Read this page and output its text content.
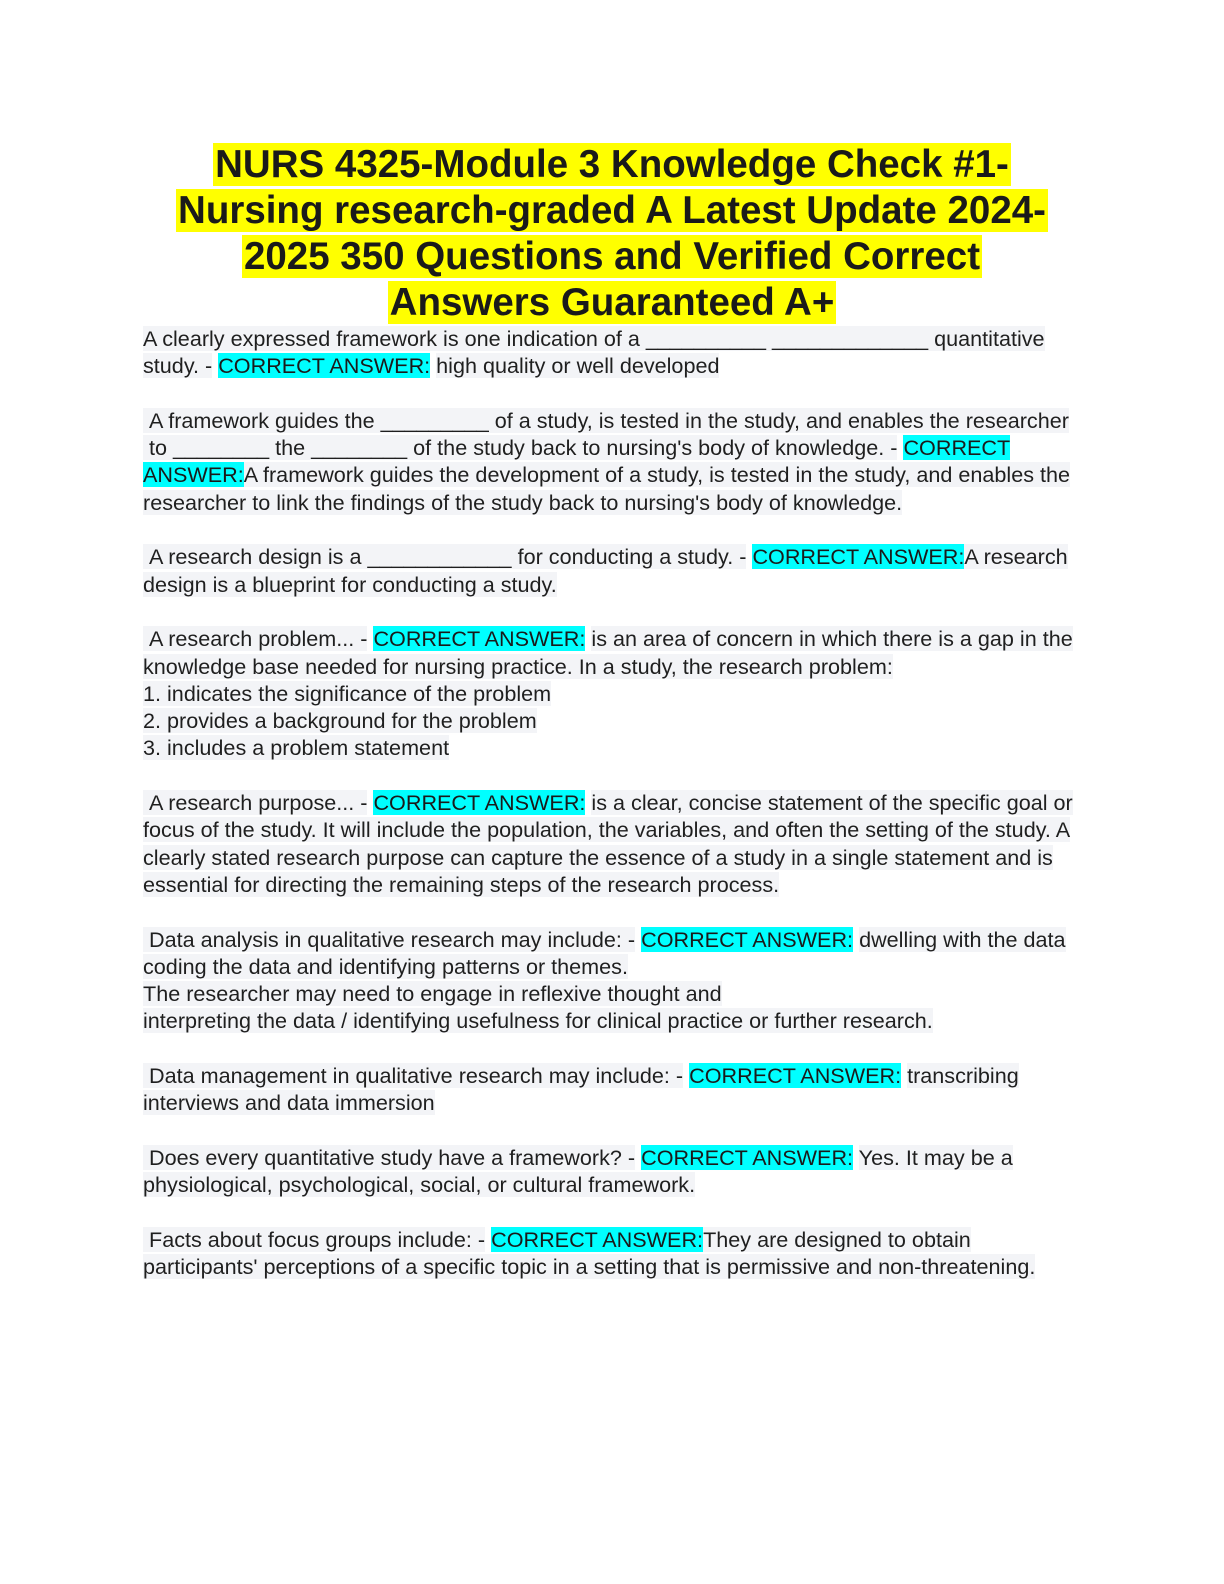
NURS 4325-Module 3 Knowledge Check #1-
Nursing research-graded A Latest Update 2024-
2025 350 Questions and Verified Correct
Answers Guaranteed A+
A clearly expressed framework is one indication of a __________ _____________ quantitative study. - CORRECT ANSWER: high quality or well developed
A framework guides the _________ of a study, is tested in the study, and enables the researcher to ________ the ________ of the study back to nursing's body of knowledge. - CORRECT ANSWER:A framework guides the development of a study, is tested in the study, and enables the researcher to link the findings of the study back to nursing's body of knowledge.
A research design is a ____________ for conducting a study. - CORRECT ANSWER:A research design is a blueprint for conducting a study.
A research problem... - CORRECT ANSWER: is an area of concern in which there is a gap in the knowledge base needed for nursing practice. In a study, the research problem:
1. indicates the significance of the problem
2. provides a background for the problem
3. includes a problem statement
A research purpose... - CORRECT ANSWER: is a clear, concise statement of the specific goal or focus of the study. It will include the population, the variables, and often the setting of the study. A clearly stated research purpose can capture the essence of a study in a single statement and is essential for directing the remaining steps of the research process.
Data analysis in qualitative research may include: - CORRECT ANSWER: dwelling with the data
coding the data and identifying patterns or themes.
The researcher may need to engage in reflexive thought and
interpreting the data / identifying usefulness for clinical practice or further research.
Data management in qualitative research may include: - CORRECT ANSWER: transcribing interviews and data immersion
Does every quantitative study have a framework? - CORRECT ANSWER: Yes. It may be a physiological, psychological, social, or cultural framework.
Facts about focus groups include: - CORRECT ANSWER:They are designed to obtain participants' perceptions of a specific topic in a setting that is permissive and non-threatening.
